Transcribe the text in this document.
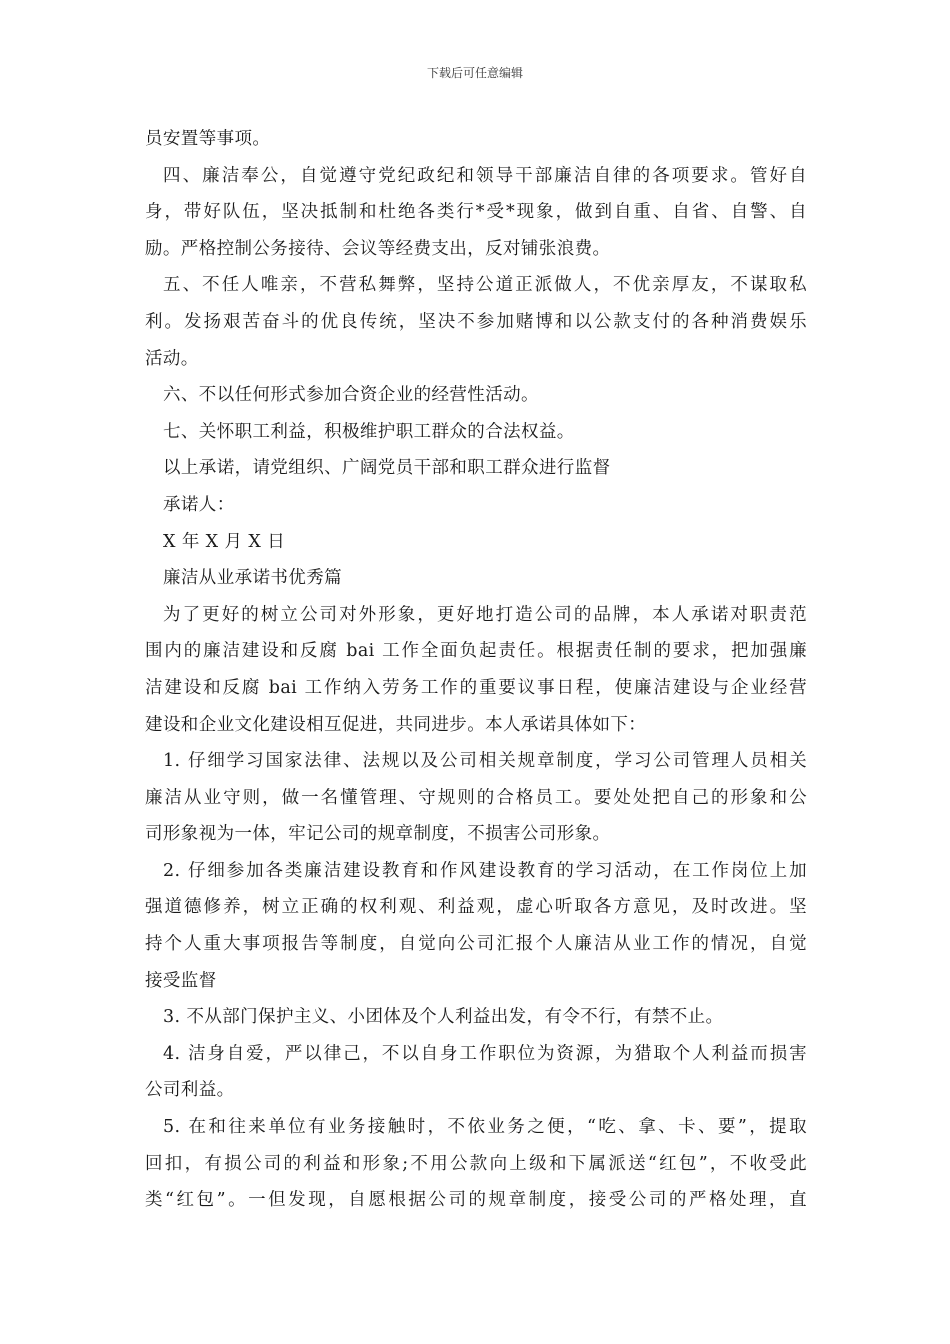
下载后可任意编辑
员安置等事项。
四、廉洁奉公，自觉遵守党纪政纪和领导干部廉洁自律的各项要求。管好自
身，带好队伍，坚决抵制和杜绝各类行*受*现象，做到自重、自省、自警、自
励。严格控制公务接待、会议等经费支出，反对铺张浪费。
五、不任人唯亲，不营私舞弊，坚持公道正派做人，不优亲厚友，不谋取私
利。发扬艰苦奋斗的优良传统，坚决不参加赌博和以公款支付的各种消费娱乐
活动。
六、不以任何形式参加合资企业的经营性活动。
七、关怀职工利益，积极维护职工群众的合法权益。
以上承诺，请党组织、广阔党员干部和职工群众进行监督
承诺人：
X 年 X 月 X 日
廉洁从业承诺书优秀篇
为了更好的树立公司对外形象，更好地打造公司的品牌，本人承诺对职责范
围内的廉洁建设和反腐 bai 工作全面负起责任。根据责任制的要求，把加强廉
洁建设和反腐 bai 工作纳入劳务工作的重要议事日程，使廉洁建设与企业经营
建设和企业文化建设相互促进，共同进步。本人承诺具体如下：
1. 仔细学习国家法律、法规以及公司相关规章制度，学习公司管理人员相关
廉洁从业守则，做一名懂管理、守规则的合格员工。要处处把自己的形象和公
司形象视为一体，牢记公司的规章制度，不损害公司形象。
2. 仔细参加各类廉洁建设教育和作风建设教育的学习活动，在工作岗位上加
强道德修养，树立正确的权利观、利益观，虚心听取各方意见，及时改进。坚
持个人重大事项报告等制度，自觉向公司汇报个人廉洁从业工作的情况，自觉
接受监督
3. 不从部门保护主义、小团体及个人利益出发，有令不行，有禁不止。
4. 洁身自爱，严以律己，不以自身工作职位为资源，为猎取个人利益而损害
公司利益。
5. 在和往来单位有业务接触时，不依业务之便，“吃、拿、卡、要”，提取
回扣，有损公司的利益和形象;不用公款向上级和下属派送“红包”，不收受此
类“红包”。一但发现，自愿根据公司的规章制度，接受公司的严格处理，直
